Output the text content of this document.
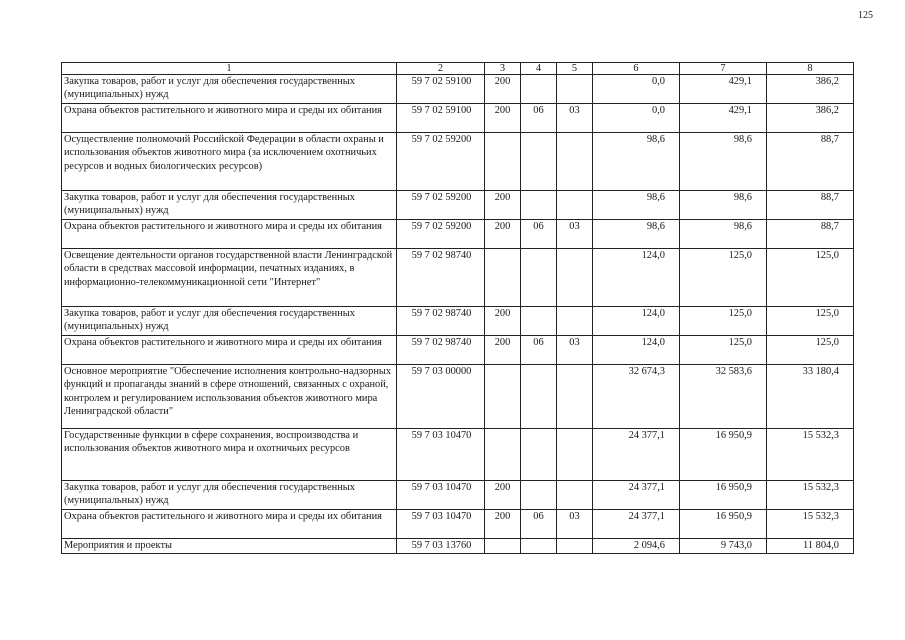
125
1	2	3	4	5	6	7	8
Закупка товаров, работ и услуг для обеспечения государственных (муниципальных) нужд	59 7 02 59100	200			0,0	429,1	386,2
Охрана объектов растительного и животного мира и среды их обитания	59 7 02 59100	200	06	03	0,0	429,1	386,2
Осуществление полномочий Российской Федерации в области охраны и использования объектов животного мира (за исключением охотничьих ресурсов и водных биологических ресурсов)	59 7 02 59200				98,6	98,6	88,7
Закупка товаров, работ и услуг для обеспечения государственных (муниципальных) нужд	59 7 02 59200	200			98,6	98,6	88,7
Охрана объектов растительного и животного мира и среды их обитания	59 7 02 59200	200	06	03	98,6	98,6	88,7
Освещение деятельности органов государственной власти Ленинградской области в средствах массовой информации, печатных изданиях, в информационно-телекоммуникационной сети "Интернет"	59 7 02 98740				124,0	125,0	125,0
Закупка товаров, работ и услуг для обеспечения государственных (муниципальных) нужд	59 7 02 98740	200			124,0	125,0	125,0
Охрана объектов растительного и животного мира и среды их обитания	59 7 02 98740	200	06	03	124,0	125,0	125,0
Основное мероприятие "Обеспечение исполнения контрольно-надзорных функций и пропаганды знаний в сфере отношений, связанных с охраной, контролем и регулированием использования объектов животного мира Ленинградской области"	59 7 03 00000				32 674,3	32 583,6	33 180,4
Государственные функции в сфере сохранения, воспроизводства и использования объектов животного мира и охотничьих ресурсов	59 7 03 10470				24 377,1	16 950,9	15 532,3
Закупка товаров, работ и услуг для обеспечения государственных (муниципальных) нужд	59 7 03 10470	200			24 377,1	16 950,9	15 532,3
Охрана объектов растительного и животного мира и среды их обитания	59 7 03 10470	200	06	03	24 377,1	16 950,9	15 532,3
Мероприятия и проекты	59 7 03 13760				2 094,6	9 743,0	11 804,0
